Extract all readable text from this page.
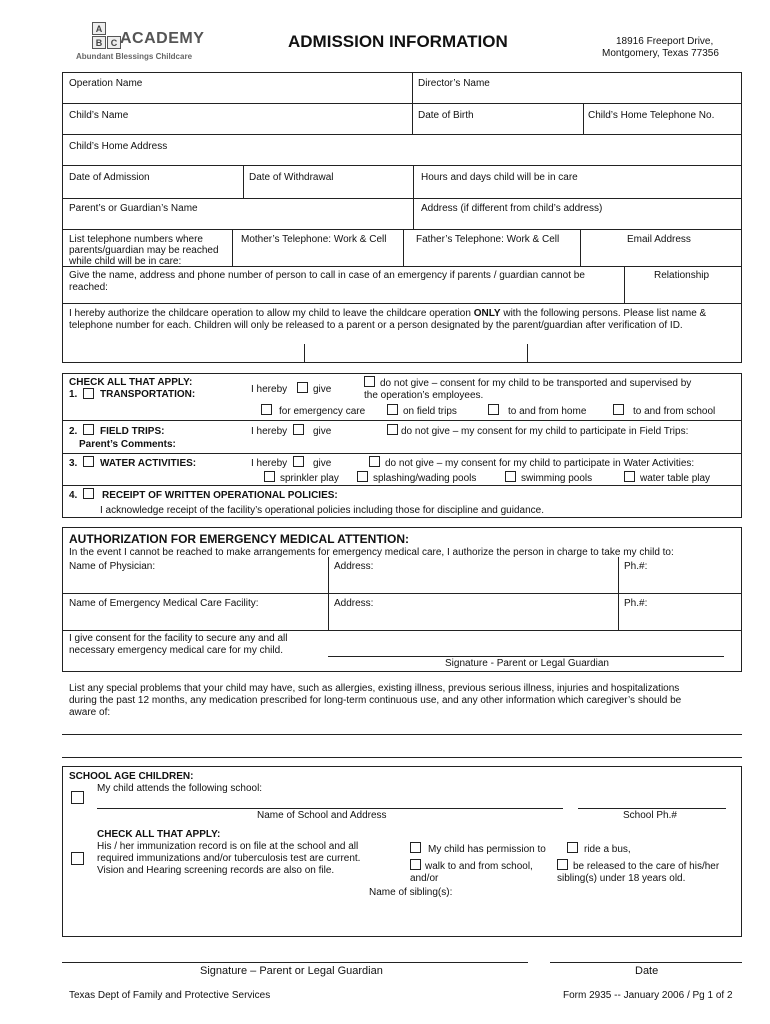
A
B C ACADEMY
Abundant Blessings Childcare
ADMISSION INFORMATION	18916 Freeport Drive,
Montgomery, Texas 77356
Operation Name	Director’s Name
Child’s Name	Date of Birth	Child’s Home Telephone No.
Child’s Home Address
Date of Admission	Date of Withdrawal	Hours and days child will be in care
Parent’s or Guardian’s Name	Address (if different from child’s address)
List telephone numbers where
parents/guardian may be reached
while child will be in care:
Mother’s Telephone: Work & Cell	Father’s Telephone: Work & Cell	Email Address
Give the name, address and phone number of person to call in case of an emergency if parents / guardian cannot be
reached:
Relationship
I hereby authorize the childcare operation to allow my child to leave the childcare operation ONLY with the following persons. Please list name &
telephone number for each. Children will only be released to a parent or a person designated by the parent/guardian after verification of ID.
CHECK ALL THAT APPLY:
1. TRANSPORTATION:	I hereby	give
do not give – consent for my child to be transported and supervised by
the operation’s employees.
for emergency care	on field trips	to and from home	to and from school
2. FIELD TRIPS:
Parent’s Comments:
I hereby	give	do not give – my consent for my child to participate in Field Trips:
3. WATER ACTIVITIES:	I hereby	give	do not give – my consent for my child to participate in Water Activities:
sprinkler play	splashing/wading pools	swimming pools	water table play
4. RECEIPT OF WRITTEN OPERATIONAL POLICIES:
I acknowledge receipt of the facility’s operational policies including those for discipline and guidance.
AUTHORIZATION FOR EMERGENCY MEDICAL ATTENTION:
In the event I cannot be reached to make arrangements for emergency medical care, I authorize the person in charge to take my child to:
Name of Physician:	Address:	Ph.#:
Name of Emergency Medical Care Facility:	Address:	Ph.#:
I give consent for the facility to secure any and all
necessary emergency medical care for my child.
Signature - Parent or Legal Guardian
List any special problems that your child may have, such as allergies, existing illness, previous serious illness, injuries and hospitalizations
during the past 12 months, any medication prescribed for long-term continuous use, and any other information which caregiver’s should be
aware of:
SCHOOL AGE CHILDREN:
My child attends the following school:
Name of School and Address	School Ph.#
CHECK ALL THAT APPLY:
His / her immunization record is on file at the school and all
required immunizations and/or tuberculosis test are current.
Vision and Hearing screening records are also on file.
My child has permission to	ride a bus,
walk to and from school,
and/or
be released to the care of his/her
sibling(s) under 18 years old.
Name of sibling(s):
Signature – Parent or Legal Guardian	Date
Texas Dept of Family and Protective Services	Form 2935 -- January 2006 / Pg 1 of 2
